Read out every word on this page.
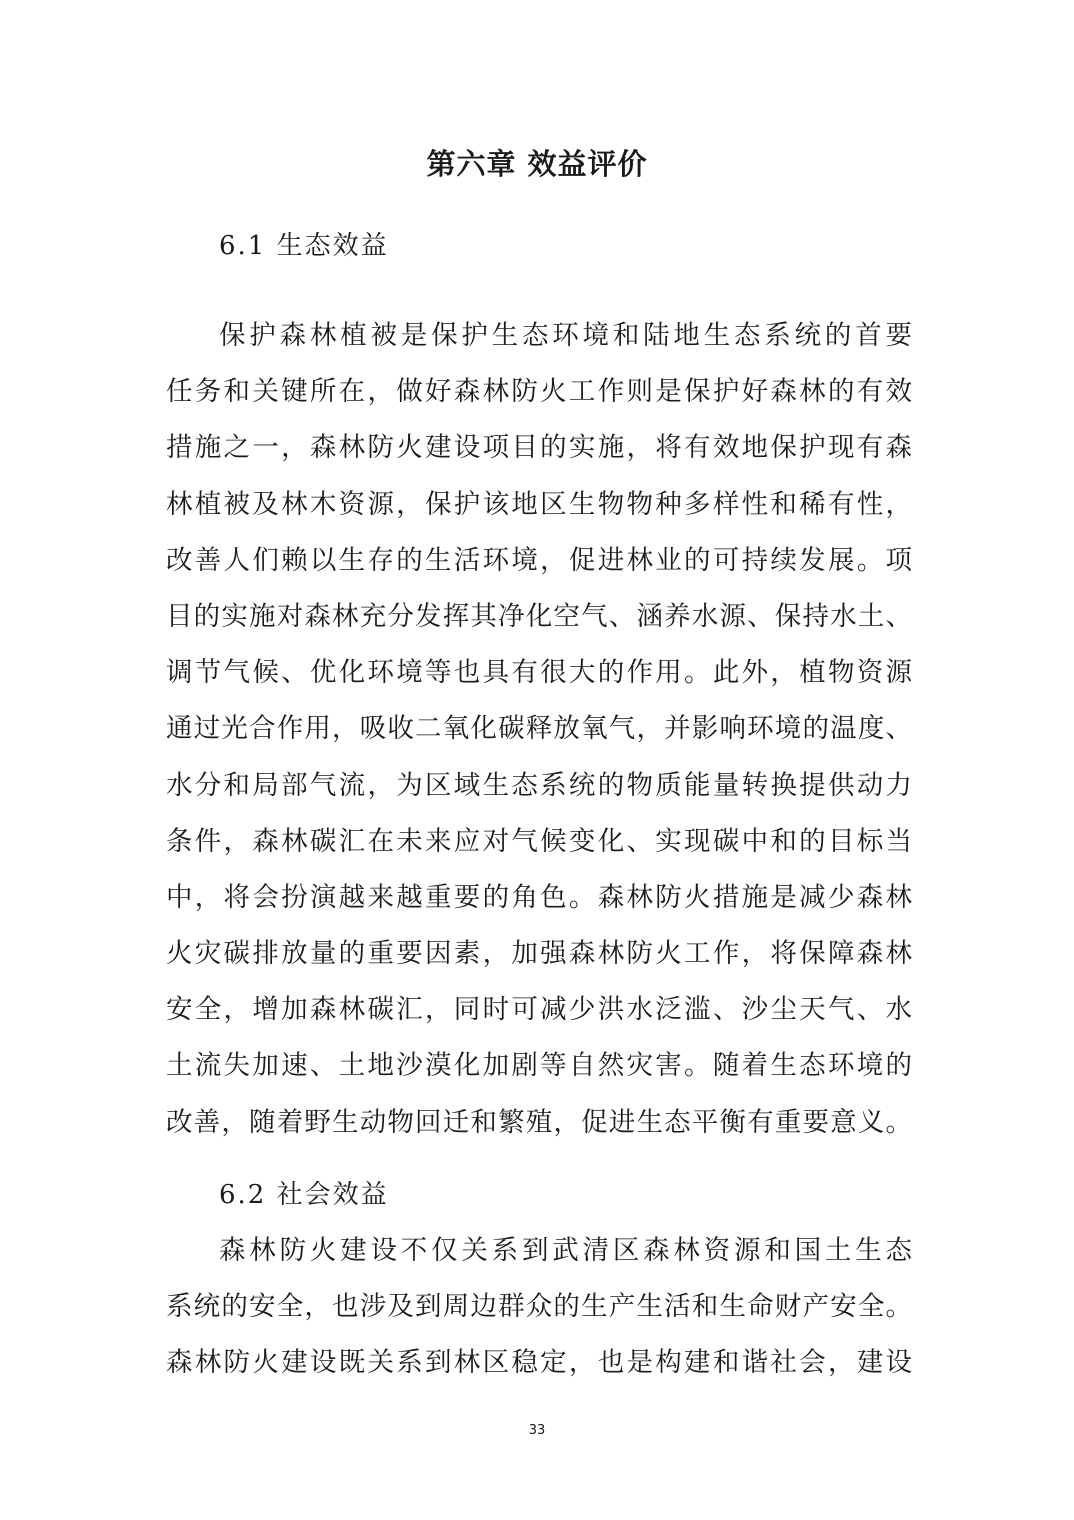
第六章 效益评价
6.1 生态效益
保护森林植被是保护生态环境和陆地生态系统的首要
任务和关键所在，做好森林防火工作则是保护好森林的有效
措施之一，森林防火建设项目的实施，将有效地保护现有森
林植被及林木资源，保护该地区生物物种多样性和稀有性，
改善人们赖以生存的生活环境，促进林业的可持续发展。项
目的实施对森林充分发挥其净化空气、涵养水源、保持水土、
调节气候、优化环境等也具有很大的作用。此外，植物资源
通过光合作用，吸收二氧化碳释放氧气，并影响环境的温度、
水分和局部气流，为区域生态系统的物质能量转换提供动力
条件，森林碳汇在未来应对气候变化、实现碳中和的目标当
中，将会扮演越来越重要的角色。森林防火措施是减少森林
火灾碳排放量的重要因素，加强森林防火工作，将保障森林
安全，增加森林碳汇，同时可减少洪水泛滥、沙尘天气、水
土流失加速、土地沙漠化加剧等自然灾害。随着生态环境的
改善，随着野生动物回迁和繁殖，促进生态平衡有重要意义。
6.2 社会效益
森林防火建设不仅关系到武清区森林资源和国土生态
系统的安全，也涉及到周边群众的生产生活和生命财产安全。
森林防火建设既关系到林区稳定，也是构建和谐社会，建设
33
